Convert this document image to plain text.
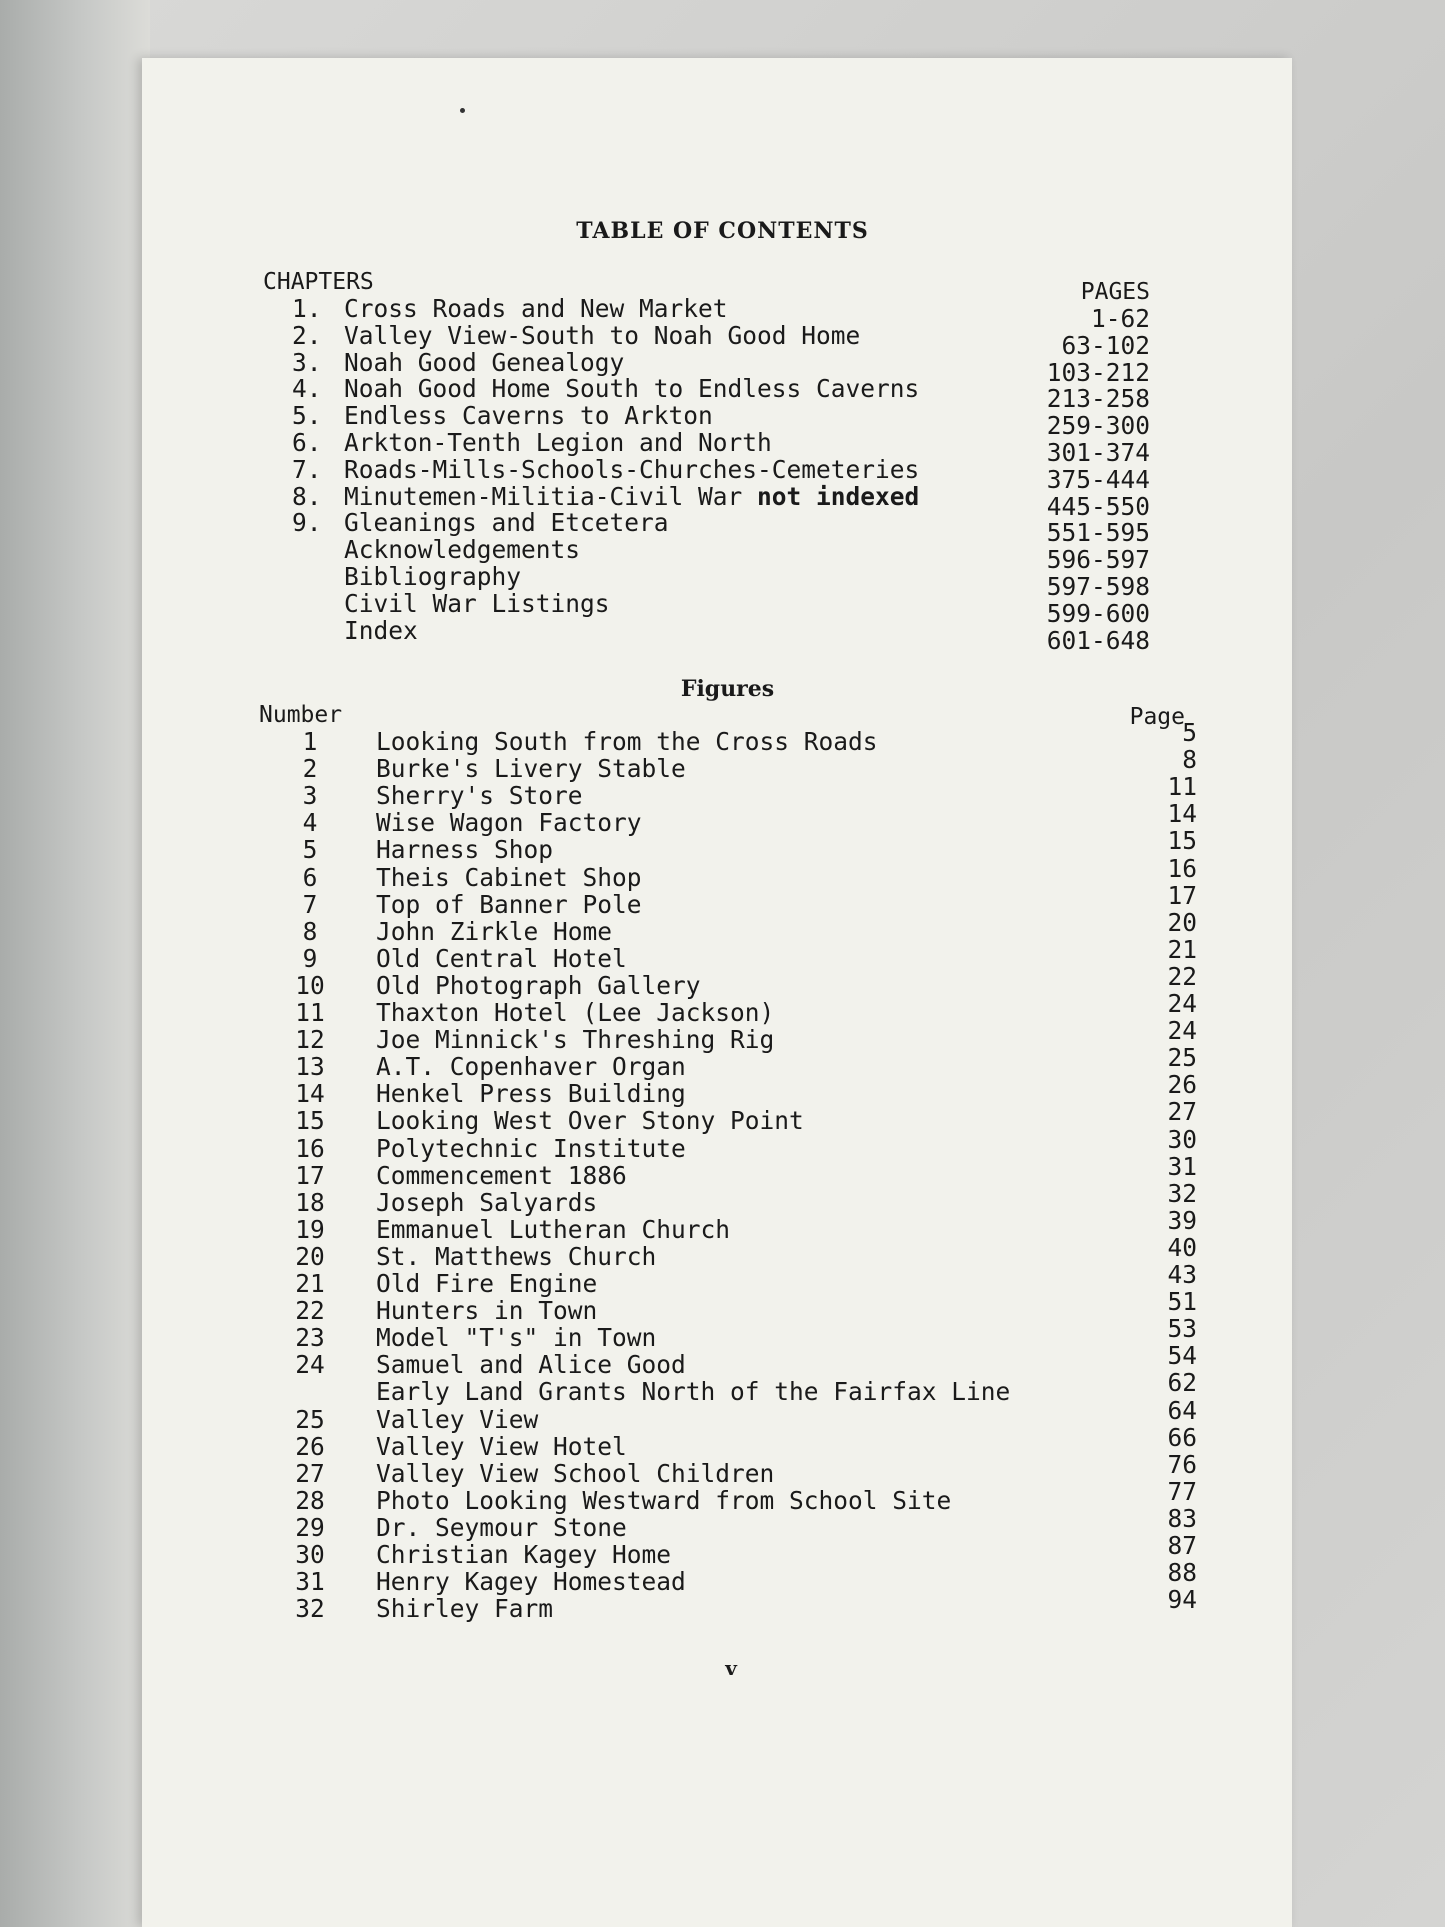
TABLE OF CONTENTS
CHAPTERS	PAGES
1. Cross Roads and New Market	1-62
2. Valley View-South to Noah Good Home	63-102
3. Noah Good Genealogy	103-212
4. Noah Good Home South to Endless Caverns	213-258
5. Endless Caverns to Arkton	259-300
6. Arkton-Tenth Legion and North	301-374
7. Roads-Mills-Schools-Churches-Cemeteries	375-444
8. Minutemen-Militia-Civil War not indexed	445-550
9. Gleanings and Etcetera	551-595
Acknowledgements	596-597
Bibliography	597-598
Civil War Listings	599-600
Index	601-648
Figures
Number	Page
1	Looking South from the Cross Roads	5
2	Burke's Livery Stable	8
3	Sherry's Store	11
4	Wise Wagon Factory	14
5	Harness Shop	15
6	Theis Cabinet Shop	16
7	Top of Banner Pole	17
8	John Zirkle Home	20
9	Old Central Hotel	21
10	Old Photograph Gallery	22
11	Thaxton Hotel (Lee Jackson)	24
12	Joe Minnick's Threshing Rig	24
13	A.T. Copenhaver Organ	25
14	Henkel Press Building	26
15	Looking West Over Stony Point	27
16	Polytechnic Institute	30
17	Commencement 1886	31
18	Joseph Salyards	32
19	Emmanuel Lutheran Church	39
20	St. Matthews Church	40
21	Old Fire Engine	43
22	Hunters in Town	51
23	Model "T's" in Town	53
24	Samuel and Alice Good	54
Early Land Grants North of the Fairfax Line	62
25	Valley View	64
26	Valley View Hotel	66
27	Valley View School Children	76
28	Photo Looking Westward from School Site	77
29	Dr. Seymour Stone	83
30	Christian Kagey Home	87
31	Henry Kagey Homestead	88
32	Shirley Farm	94
v
